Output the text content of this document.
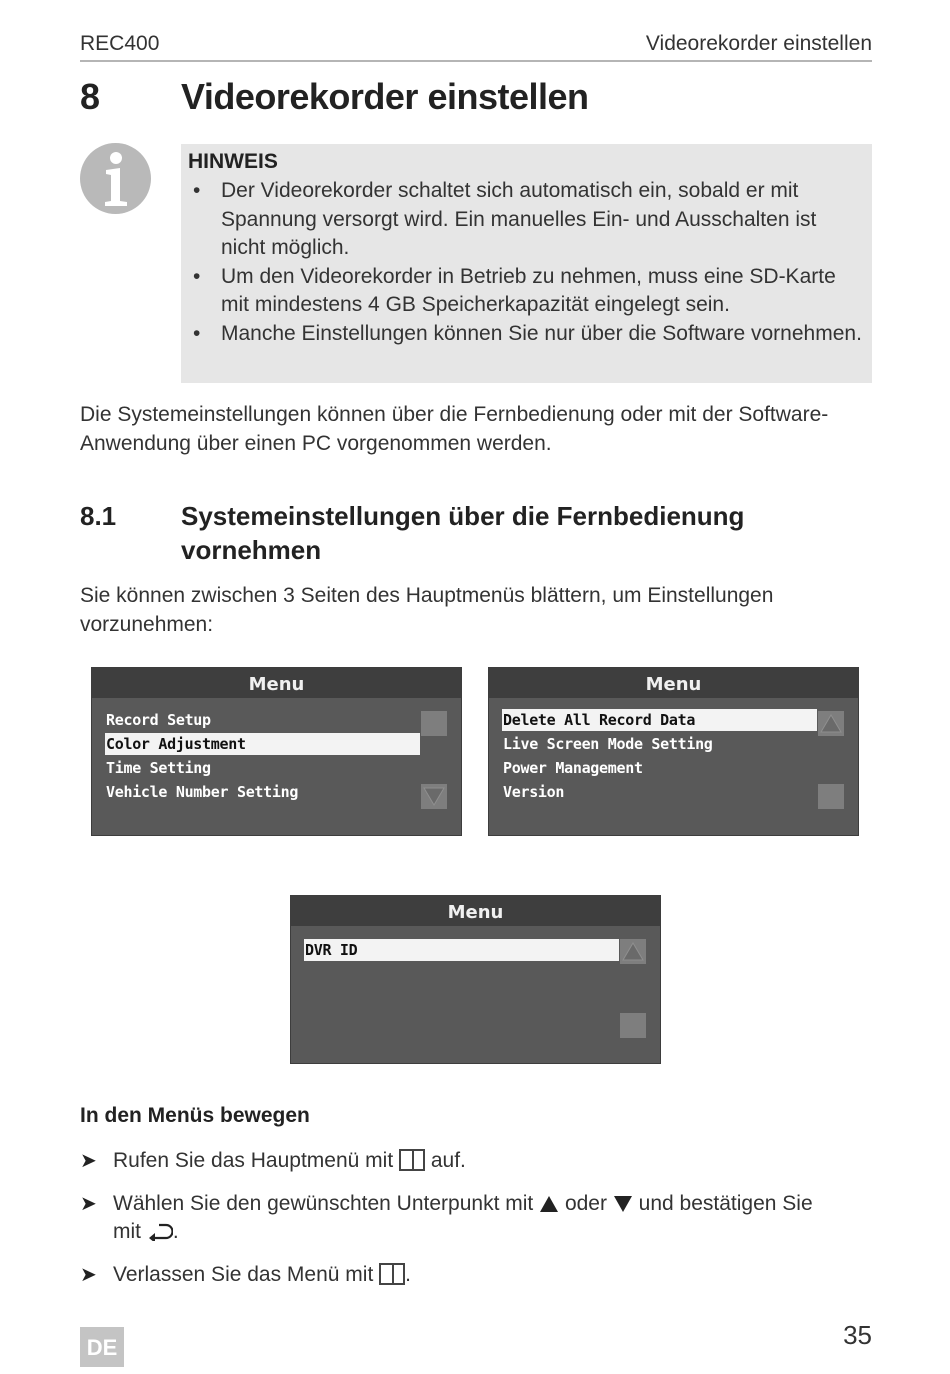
REC400	Videorekorder einstellen
8 Videorekorder einstellen
HINWEIS
• Der Videorekorder schaltet sich automatisch ein, sobald er mit Spannung versorgt wird. Ein manuelles Ein- und Ausschalten ist nicht möglich.
• Um den Videorekorder in Betrieb zu nehmen, muss eine SD-Karte mit mindestens 4 GB Speicherkapazität eingelegt sein.
• Manche Einstellungen können Sie nur über die Software vornehmen.
Die Systemeinstellungen können über die Fernbedienung oder mit der Software-Anwendung über einen PC vorgenommen werden.
8.1 Systemeinstellungen über die Fernbedienung vornehmen
Sie können zwischen 3 Seiten des Hauptmenüs blättern, um Einstellungen vorzunehmen:
Menu
Record Setup
Color Adjustment
Time Setting
Vehicle Number Setting
Menu
Delete All Record Data
Live Screen Mode Setting
Power Management
Version
Menu
DVR ID
In den Menüs bewegen
➤ Rufen Sie das Hauptmenü mit auf.
➤ Wählen Sie den gewünschten Unterpunkt mit oder und bestätigen Sie
mit .
➤ Verlassen Sie das Menü mit .
DE	35
